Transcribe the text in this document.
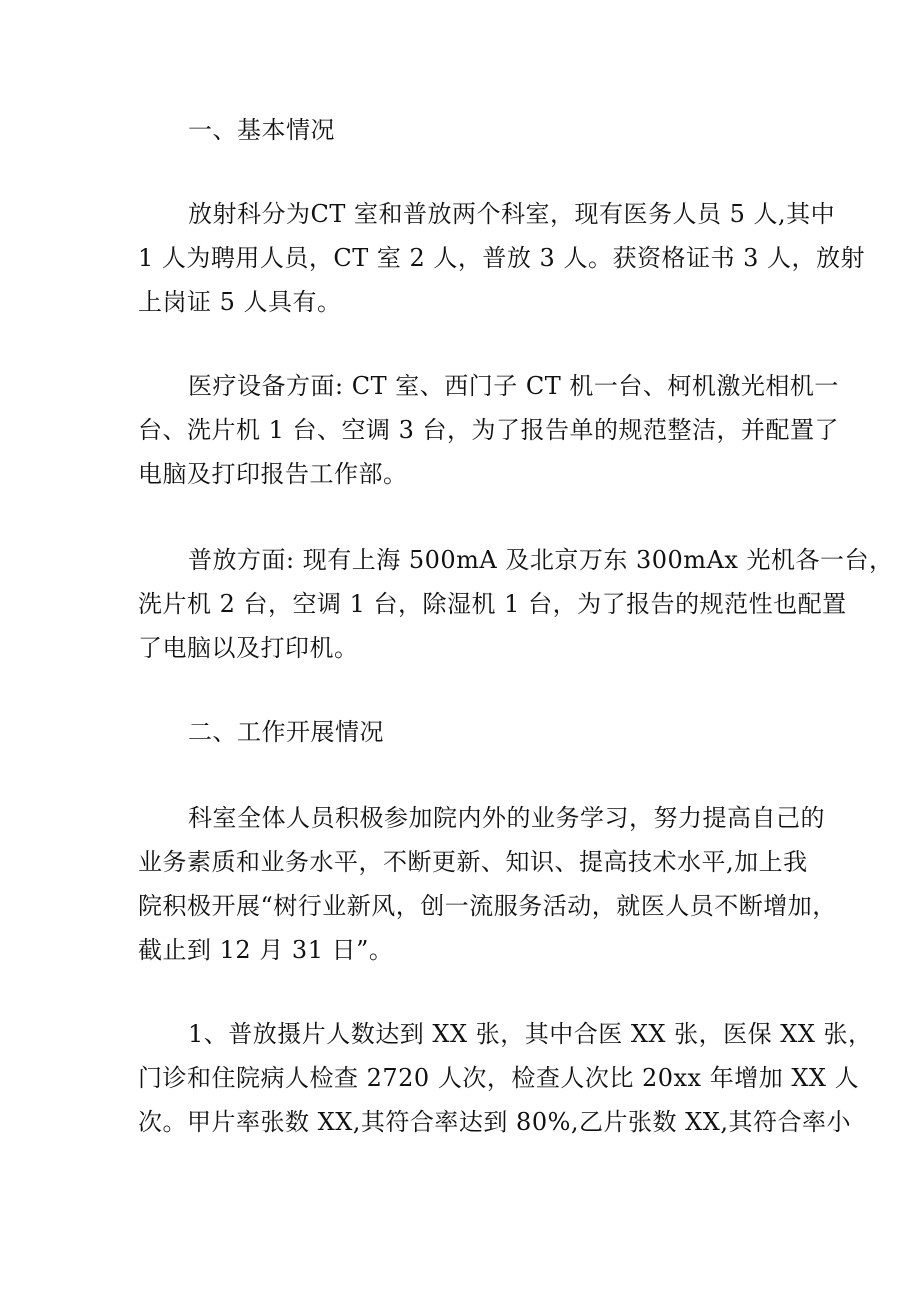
一、基本情况
放射科分为CT 室和普放两个科室，现有医务人员 5 人,其中
1 人为聘用人员，CT 室 2 人，普放 3 人。获资格证书 3 人，放射
上岗证 5 人具有。
医疗设备方面: CT 室、西门子 CT 机一台、柯机激光相机一
台、洗片机 1 台、空调 3 台，为了报告单的规范整洁，并配置了
电脑及打印报告工作部。
普放方面: 现有上海 500mA 及北京万东 300mAx 光机各一台，
洗片机 2 台，空调 1 台，除湿机 1 台，为了报告的规范性也配置
了电脑以及打印机。
二、工作开展情况
科室全体人员积极参加院内外的业务学习，努力提高自己的
业务素质和业务水平，不断更新、知识、提高技术水平,加上我
院积极开展“树行业新风，创一流服务活动，就医人员不断增加，
截止到 12 月 31 日”。
1、普放摄片人数达到 XX 张，其中合医 XX 张，医保 XX 张，
门诊和住院病人检查 2720 人次，检查人次比 20xx 年增加 XX 人
次。甲片率张数 XX,其符合率达到 80%,乙片张数 XX,其符合率小
